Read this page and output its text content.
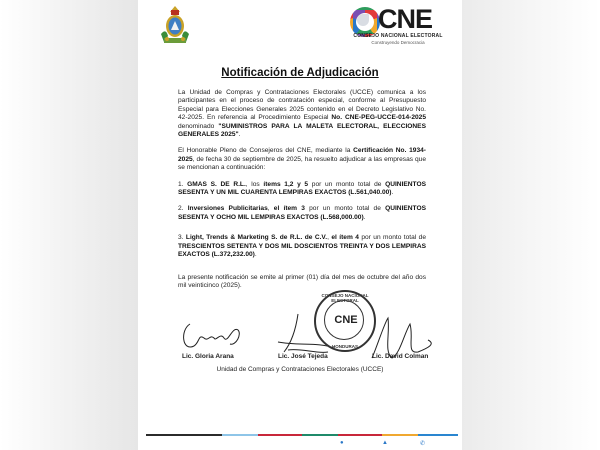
CNE
CONSEJO NACIONAL ELECTORAL
Construyendo Democracia
Notificación de Adjudicación

La Unidad de Compras y Contrataciones Electorales (UCCE) comunica a los participantes en el proceso de contratación especial, conforme al Presupuesto Especial para Elecciones Generales 2025 contenido en el Decreto Legislativo No. 42-2025. En referencia al Procedimiento Especial No. CNE-PEG-UCCE-014-2025 denominado "SUMINISTROS PARA LA MALETA ELECTORAL, ELECCIONES GENERALES 2025".

El Honorable Pleno de Consejeros del CNE, mediante la Certificación No. 1934-2025, de fecha 30 de septiembre de 2025, ha resuelto adjudicar a las empresas que se mencionan a continuación:

1. GMAS S. DE R.L., los ítems 1,2 y 5 por un monto total de QUINIENTOS SESENTA Y UN MIL CUARENTA LEMPIRAS EXACTOS (L.561,040.00).

2. Inversiones Publicitarias, el ítem 3 por un monto total de QUINIENTOS SESENTA Y OCHO MIL LEMPIRAS EXACTOS (L.568,000.00).

3. Light, Trends & Marketing S. de R.L. de C.V., el ítem 4 por un monto total de TRESCIENTOS SETENTA Y DOS MIL DOSCIENTOS TREINTA Y DOS LEMPIRAS EXACTOS (L.372,232.00).

La presente notificación se emite al primer (01) día del mes de octubre del año dos mil veinticinco (2025).

Lic. Gloria Arana	Lic. José Tejeda	Lic. David Colman
CONSEJO NACIONAL ELECTORAL
CNE
HONDURAS
Unidad de Compras y Contrataciones Electorales (UCCE)
●	▲	✆
